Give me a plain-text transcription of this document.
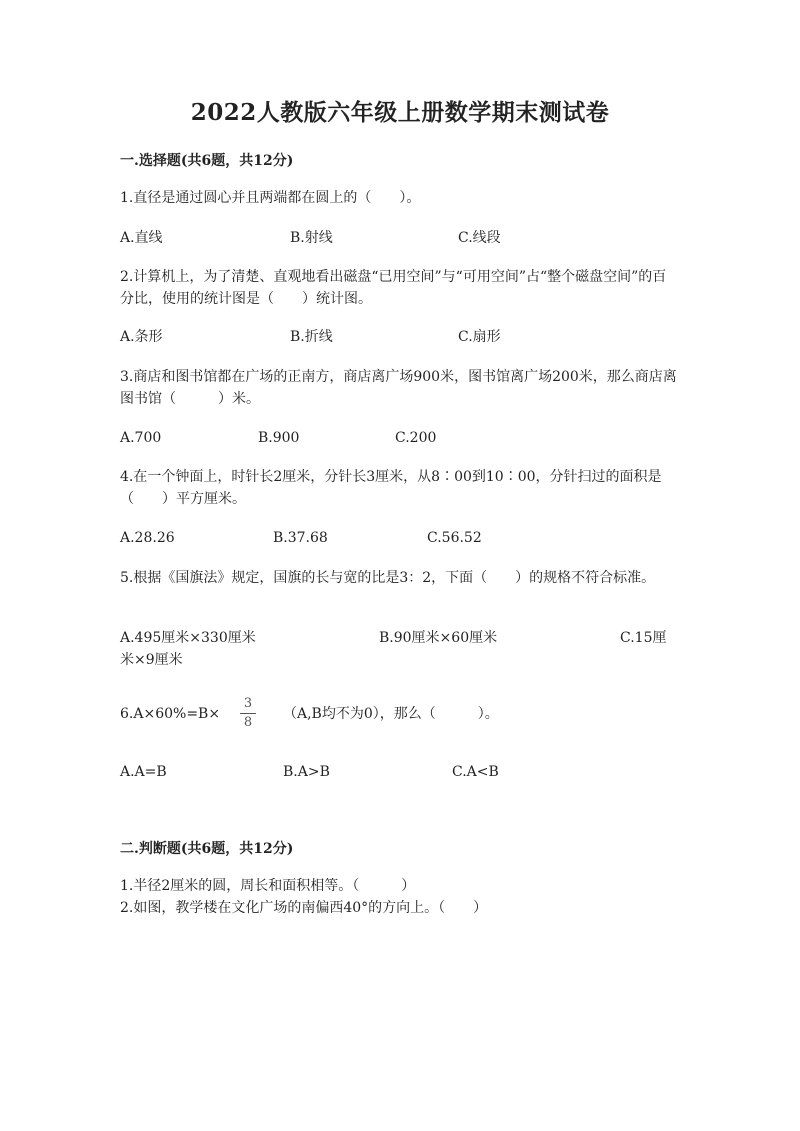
2022人教版六年级上册数学期末测试卷
一.选择题(共6题，共12分)
1.直径是通过圆心并且两端都在圆上的（　　）。
A.直线	B.射线	C.线段
2.计算机上，为了清楚、直观地看出磁盘“已用空间”与“可用空间”占“整个磁盘空间”的百分比，使用的统计图是（　　）统计图。
A.条形	B.折线	C.扇形
3.商店和图书馆都在广场的正南方，商店离广场900米，图书馆离广场200米，那么商店离图书馆（　　　）米。
A.700	B.900	C.200
4.在一个钟面上，时针长2厘米，分针长3厘米，从8∶00到10∶00，分针扫过的面积是（　　）平方厘米。
A.28.26	B.37.68	C.56.52
5.根据《国旗法》规定，国旗的长与宽的比是3：2，下面（　　）的规格不符合标准。
A.495厘米×330厘米	B.90厘米×60厘米	C.15厘
米×9厘米
6.A×60%=B×
3
8
（A,B均不为0），那么（　　　）。
A.A=B	B.A>B	C.A<B
二.判断题(共6题，共12分)
1.半径2厘米的圆，周长和面积相等。（　　　）
2.如图，教学楼在文化广场的南偏西40°的方向上。（　　）
